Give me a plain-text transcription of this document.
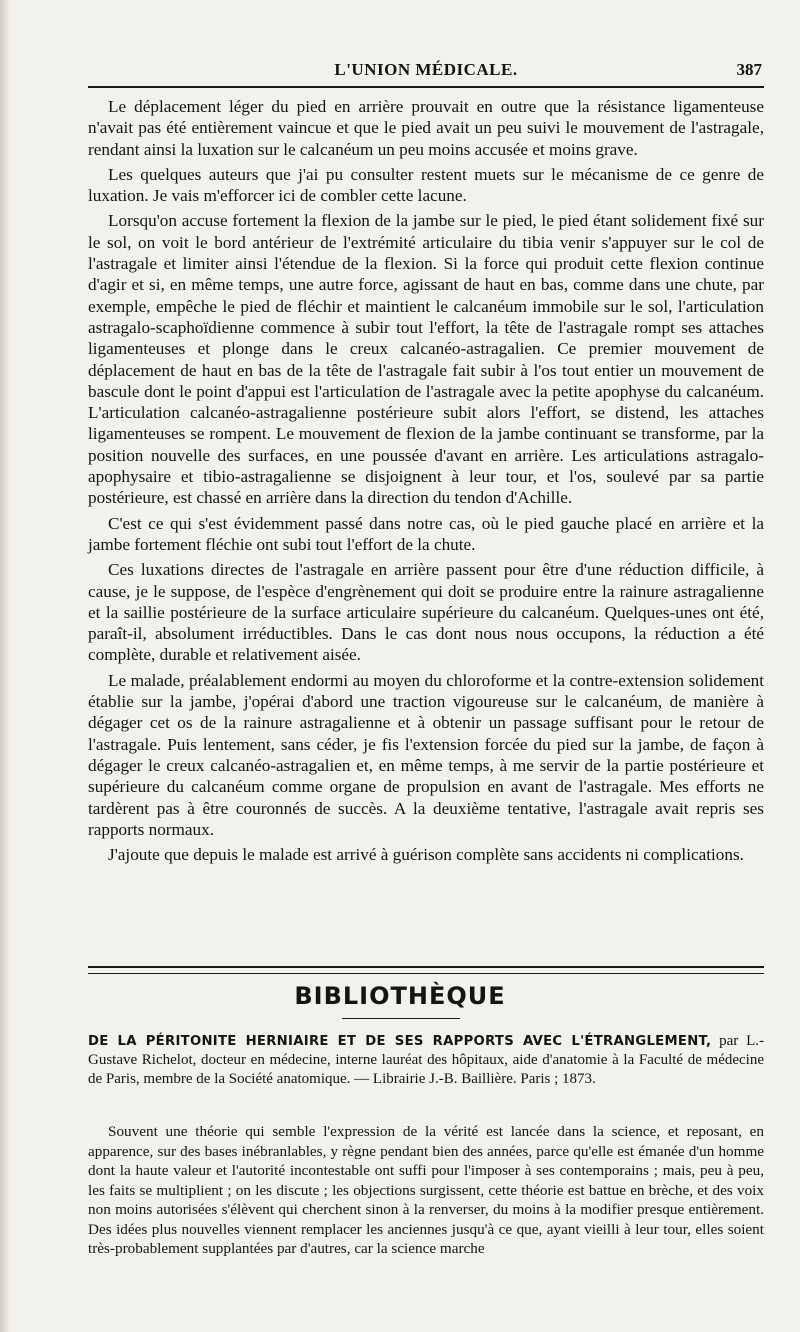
L'UNION MÉDICALE.	387

Le déplacement léger du pied en arrière prouvait en outre que la résistance ligamenteuse n'avait pas été entièrement vaincue et que le pied avait un peu suivi le mouvement de l'astragale, rendant ainsi la luxation sur le calcanéum un peu moins accusée et moins grave.

Les quelques auteurs que j'ai pu consulter restent muets sur le mécanisme de ce genre de luxation. Je vais m'efforcer ici de combler cette lacune.

Lorsqu'on accuse fortement la flexion de la jambe sur le pied, le pied étant solidement fixé sur le sol, on voit le bord antérieur de l'extrémité articulaire du tibia venir s'appuyer sur le col de l'astragale et limiter ainsi l'étendue de la flexion. Si la force qui produit cette flexion continue d'agir et si, en même temps, une autre force, agissant de haut en bas, comme dans une chute, par exemple, empêche le pied de fléchir et maintient le calcanéum immobile sur le sol, l'articulation astragalo-scaphoïdienne commence à subir tout l'effort, la tête de l'astragale rompt ses attaches ligamenteuses et plonge dans le creux calcanéo-astragalien. Ce premier mouvement de déplacement de haut en bas de la tête de l'astragale fait subir à l'os tout entier un mouvement de bascule dont le point d'appui est l'articulation de l'astragale avec la petite apophyse du calcanéum. L'articulation calcanéo-astragalienne postérieure subit alors l'effort, se distend, les attaches ligamenteuses se rompent. Le mouvement de flexion de la jambe continuant se transforme, par la position nouvelle des surfaces, en une poussée d'avant en arrière. Les articulations astragalo-apophysaire et tibio-astragalienne se disjoignent à leur tour, et l'os, soulevé par sa partie postérieure, est chassé en arrière dans la direction du tendon d'Achille.

C'est ce qui s'est évidemment passé dans notre cas, où le pied gauche placé en arrière et la jambe fortement fléchie ont subi tout l'effort de la chute.

Ces luxations directes de l'astragale en arrière passent pour être d'une réduction difficile, à cause, je le suppose, de l'espèce d'engrènement qui doit se produire entre la rainure astragalienne et la saillie postérieure de la surface articulaire supérieure du calcanéum. Quelques-unes ont été, paraît-il, absolument irréductibles. Dans le cas dont nous nous occupons, la réduction a été complète, durable et relativement aisée.

Le malade, préalablement endormi au moyen du chloroforme et la contre-extension solidement établie sur la jambe, j'opérai d'abord une traction vigoureuse sur le calcanéum, de manière à dégager cet os de la rainure astragalienne et à obtenir un passage suffisant pour le retour de l'astragale. Puis lentement, sans céder, je fis l'extension forcée du pied sur la jambe, de façon à dégager le creux calcanéo-astragalien et, en même temps, à me servir de la partie postérieure et supérieure du calcanéum comme organe de propulsion en avant de l'astragale. Mes efforts ne tardèrent pas à être couronnés de succès. A la deuxième tentative, l'astragale avait repris ses rapports normaux.

J'ajoute que depuis le malade est arrivé à guérison complète sans accidents ni complications.

BIBLIOTHÈQUE
DE LA PÉRITONITE HERNIAIRE ET DE SES RAPPORTS AVEC L'ÉTRANGLEMENT, par L.-Gustave Richelot, docteur en médecine, interne lauréat des hôpitaux, aide d'anatomie à la Faculté de médecine de Paris, membre de la Société anatomique. — Librairie J.-B. Baillière. Paris ; 1873.

Souvent une théorie qui semble l'expression de la vérité est lancée dans la science, et reposant, en apparence, sur des bases inébranlables, y règne pendant bien des années, parce qu'elle est émanée d'un homme dont la haute valeur et l'autorité incontestable ont suffi pour l'imposer à ses contemporains ; mais, peu à peu, les faits se multiplient ; on les discute ; les objections surgissent, cette théorie est battue en brèche, et des voix non moins autorisées s'élèvent qui cherchent sinon à la renverser, du moins à la modifier presque entièrement. Des idées plus nouvelles viennent remplacer les anciennes jusqu'à ce que, ayant vieilli à leur tour, elles soient très-probablement supplantées par d'autres, car la science marche
